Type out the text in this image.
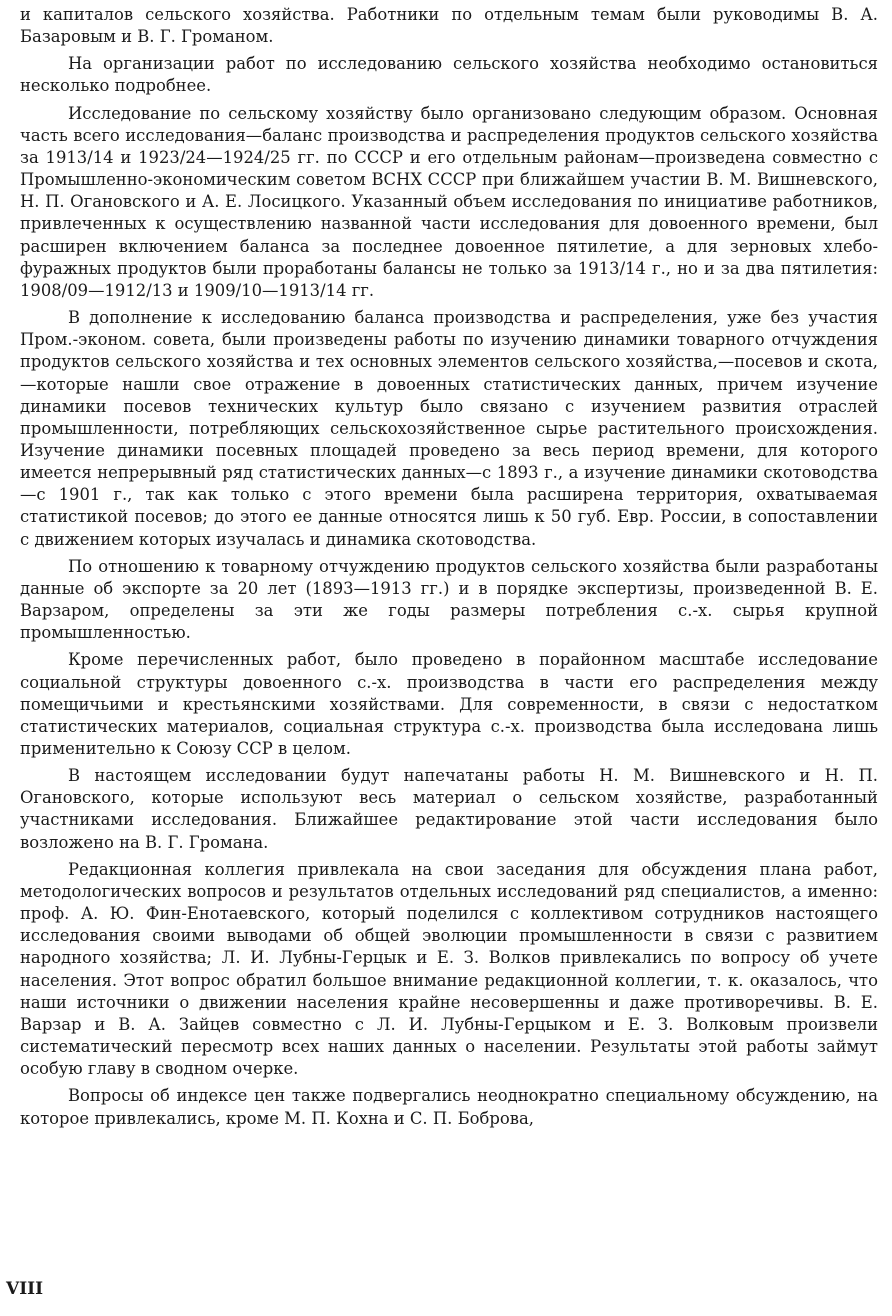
и капиталов сельского хозяйства. Работники по отдельным темам были руководимы В. А. Базаровым и В. Г. Громаном.

На организации работ по исследованию сельского хозяйства необходимо остановиться несколько подробнее.

Исследование по сельскому хозяйству было организовано следующим образом. Основная часть всего исследования—баланс производства и распределения продуктов сельского хозяйства за 1913/14 и 1923/24—1924/25 гг. по СССР и его отдельным районам—произведена совместно с Промышленно-экономическим советом ВСНХ СССР при ближайшем участии В. М. Вишневского, Н. П. Огановского и А. Е. Лосицкого. Указанный объем исследования по инициативе работников, привлеченных к осуществлению названной части исследования для довоенного времени, был расширен включением баланса за последнее довоенное пятилетие, а для зерновых хлебо-фуражных продуктов были проработаны балансы не только за 1913/14 г., но и за два пятилетия: 1908/09—1912/13 и 1909/10—1913/14 гг.

В дополнение к исследованию баланса производства и распределения, уже без участия Пром.-эконом. совета, были произведены работы по изучению динамики товарного отчуждения продуктов сельского хозяйства и тех основных элементов сельского хозяйства,—посевов и скота,—которые нашли свое отражение в довоенных статистических данных, причем изучение динамики посевов технических культур было связано с изучением развития отраслей промышленности, потребляющих сельскохозяйственное сырье растительного происхождения. Изучение динамики посевных площадей проведено за весь период времени, для которого имеется непрерывный ряд статистических данных—с 1893 г., а изучение динамики скотоводства—с 1901 г., так как только с этого времени была расширена территория, охватываемая статистикой посевов; до этого ее данные относятся лишь к 50 губ. Евр. России, в сопоставлении с движением которых изучалась и динамика скотоводства.

По отношению к товарному отчуждению продуктов сельского хозяйства были разработаны данные об экспорте за 20 лет (1893—1913 гг.) и в порядке экспертизы, произведенной В. Е. Варзаром, определены за эти же годы размеры потребления с.-х. сырья крупной промышленностью.

Кроме перечисленных работ, было проведено в порайонном масштабе исследование социальной структуры довоенного с.-х. производства в части его распределения между помещичьими и крестьянскими хозяйствами. Для современности, в связи с недостатком статистических материалов, социальная структура с.-х. производства была исследована лишь применительно к Союзу ССР в целом.

В настоящем исследовании будут напечатаны работы Н. М. Вишневского и Н. П. Огановского, которые используют весь материал о сельском хозяйстве, разработанный участниками исследования. Ближайшее редактирование этой части исследования было возложено на В. Г. Громана.

Редакционная коллегия привлекала на свои заседания для обсуждения плана работ, методологических вопросов и результатов отдельных исследований ряд специалистов, а именно: проф. А. Ю. Фин-Енотаевского, который поделился с коллективом сотрудников настоящего исследования своими выводами об общей эволюции промышленности в связи с развитием народного хозяйства; Л. И. Лубны-Герцык и Е. З. Волков привлекались по вопросу об учете населения. Этот вопрос обратил большое внимание редакционной коллегии, т. к. оказалось, что наши источники о движении населения крайне несовершенны и даже противоречивы. В. Е. Варзар и В. А. Зайцев совместно с Л. И. Лубны-Герцыком и Е. З. Волковым произвели систематический пересмотр всех наших данных о населении. Результаты этой работы займут особую главу в сводном очерке.

Вопросы об индексе цен также подвергались неоднократно специальному обсуждению, на которое привлекались, кроме М. П. Кохна и С. П. Боброва,

VIII
